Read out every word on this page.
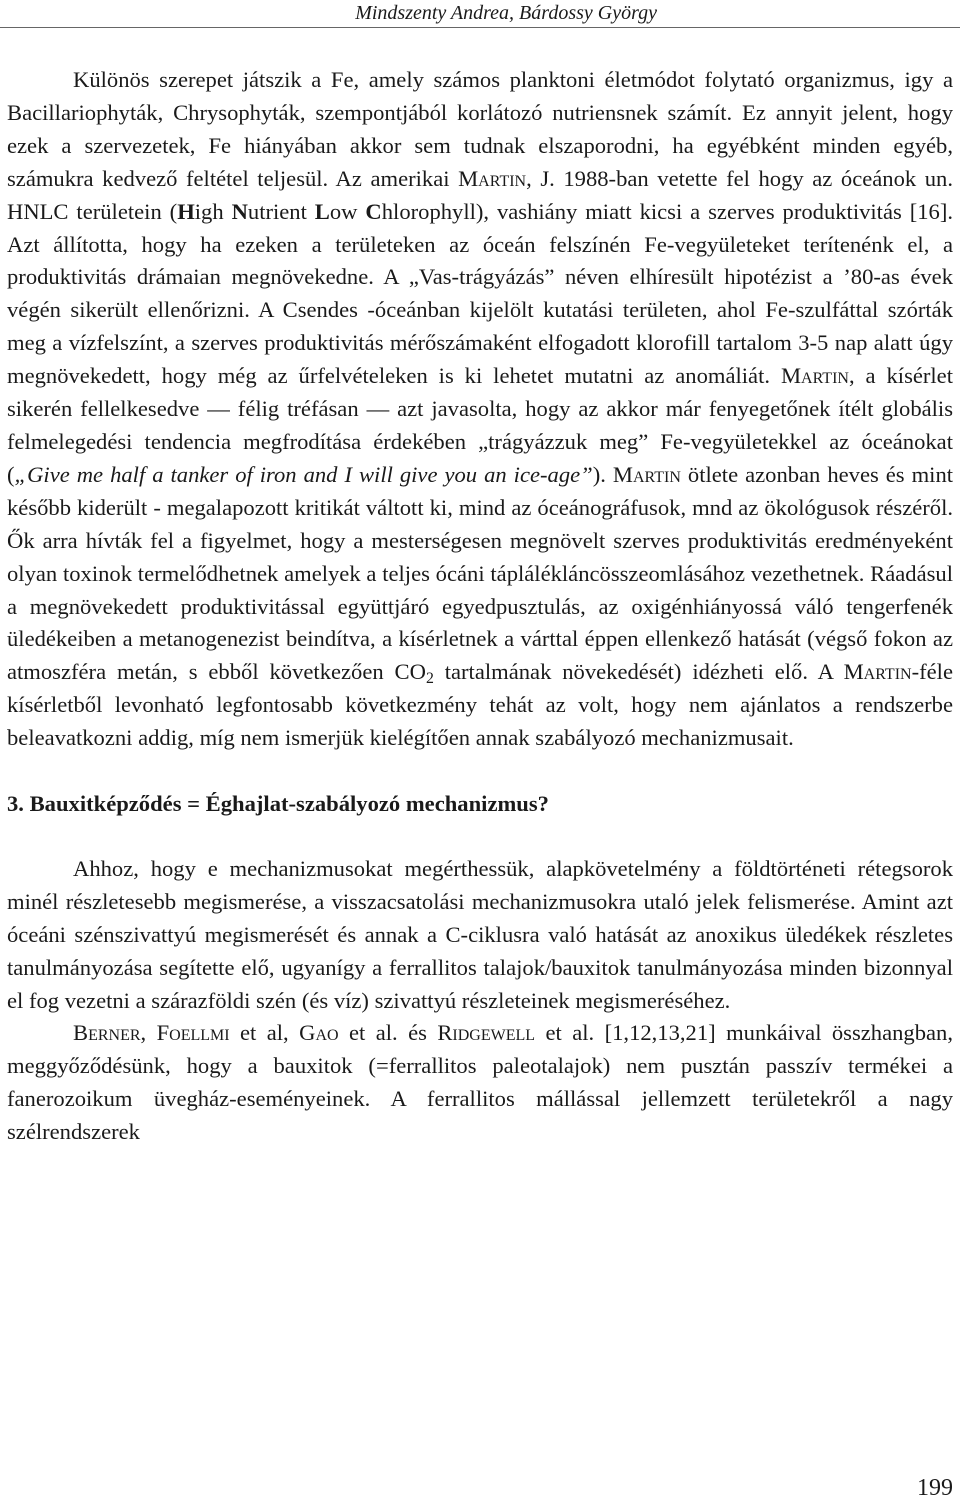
Mindszenty Andrea, Bárdossy György

Különös szerepet játszik a Fe, amely számos planktoni életmódot folytató organizmus, igy a Bacillariophyták, Chrysophyták, szempontjából korlátozó nutriensnek számít. Ez annyit jelent, hogy ezek a szervezetek, Fe hiányában akkor sem tudnak elszaporodni, ha egyébként minden egyéb, számukra kedvező feltétel teljesül. Az amerikai Martin, J. 1988-ban vetette fel hogy az óceánok un. HNLC területein (High Nutrient Low Chlorophyll), vashiány miatt kicsi a szerves produktivitás [16]. Azt állította, hogy ha ezeken a területeken az óceán felszínén Fe-vegyületeket terítenénk el, a produktivitás drámaian megnövekedne. A „Vas-trágyázás” néven elhíresült hipotézist a ’80-as évek végén sikerült ellenőrizni. A Csendes -óceánban kijelölt kutatási területen, ahol Fe-szulfáttal szórták meg a vízfelszínt, a szerves produktivitás mérőszámaként elfogadott klorofill tartalom 3-5 nap alatt úgy megnövekedett, hogy még az űrfelvételeken is ki lehetet mutatni az anomáliát. Martin, a kísérlet sikerén fellelkesedve — félig tréfásan — azt javasolta, hogy az akkor már fenyegetőnek ítélt globális felmelegedési tendencia megfrodítása érdekében „trágyázzuk meg” Fe-vegyületekkel az óceánokat („Give me half a tanker of iron and I will give you an ice-age”). Martin ötlete azonban heves és mint később kiderült - megalapozott kritikát váltott ki, mind az óceánográfusok, mnd az ökológusok részéről. Ők arra hívták fel a figyelmet, hogy a mesterségesen megnövelt szerves produktivitás eredményeként olyan toxinok termelődhetnek amelyek a teljes ócáni táplálékláncösszeomlásához vezethetnek. Ráadásul a megnövekedett produktivitással együttjáró egyedpusztulás, az oxigénhiányossá váló tengerfenék üledékeiben a metanogenezist beindítva, a kísérletnek a várttal éppen ellenkező hatását (végső fokon az atmoszféra metán, s ebből következően $CO_2$ tartalmának növekedését) idézheti elő. A Martin-féle kísérletből levonható legfontosabb következmény tehát az volt, hogy nem ajánlatos a rendszerbe beleavatkozni addig, míg nem ismerjük kielégítően annak szabályozó mechanizmusait.

3. Bauxitképződés = Éghajlat-szabályozó mechanizmus?

Ahhoz, hogy e mechanizmusokat megérthessük, alapkövetelmény a földtörténeti rétegsorok minél részletesebb megismerése, a visszacsatolási mechanizmusokra utaló jelek felismerése. Amint azt óceáni szénszivattyú megismerését és annak a C-ciklusra való hatását az anoxikus üledékek részletes tanulmányozása segítette elő, ugyanígy a ferrallitos talajok/bauxitok tanulmányozása minden bizonnyal el fog vezetni a szárazföldi szén (és víz) szivattyú részleteinek megismeréséhez.

Berner, Foellmi et al, Gao et al. és Ridgewell et al. [1,12,13,21] munkáival összhangban, meggyőződésünk, hogy a bauxitok (=ferrallitos paleotalajok) nem pusztán passzív termékei a fanerozoikum üvegház-eseményeinek. A ferrallitos mállással jellemzett területekről a nagy szélrendszerek

199
